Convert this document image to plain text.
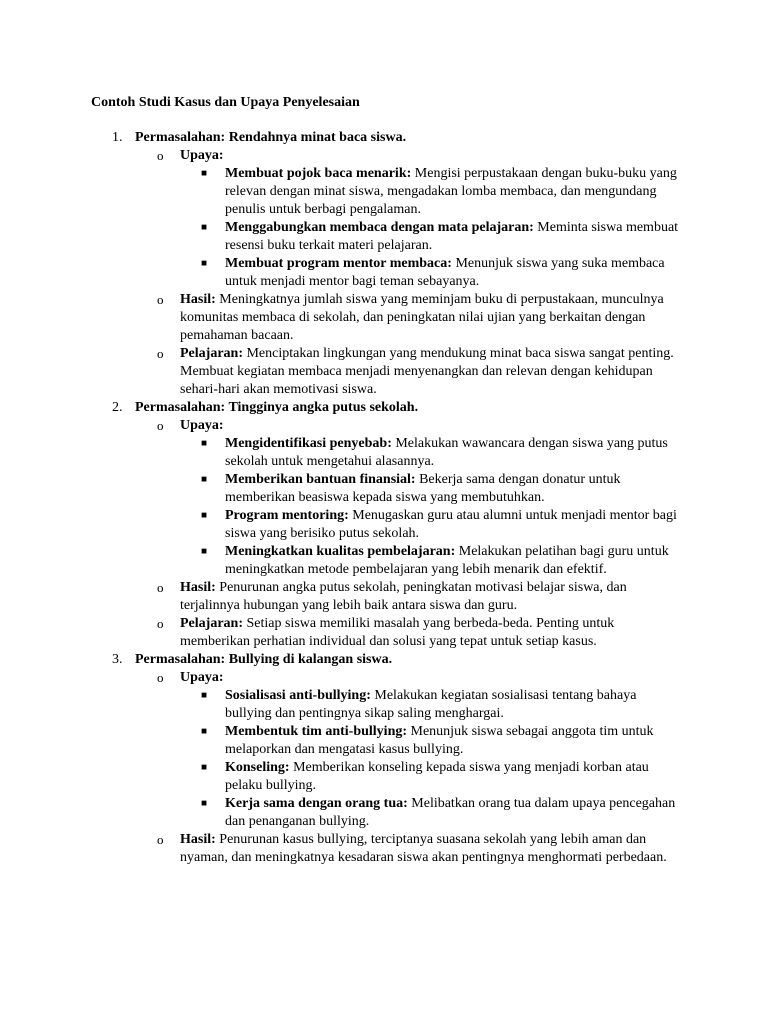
Contoh Studi Kasus dan Upaya Penyelesaian

1. Permasalahan: Rendahnya minat baca siswa.
o Upaya:
■ Membuat pojok baca menarik: Mengisi perpustakaan dengan buku-buku yang relevan dengan minat siswa, mengadakan lomba membaca, dan mengundang penulis untuk berbagi pengalaman.
■ Menggabungkan membaca dengan mata pelajaran: Meminta siswa membuat resensi buku terkait materi pelajaran.
■ Membuat program mentor membaca: Menunjuk siswa yang suka membaca untuk menjadi mentor bagi teman sebayanya.
o Hasil: Meningkatnya jumlah siswa yang meminjam buku di perpustakaan, munculnya komunitas membaca di sekolah, dan peningkatan nilai ujian yang berkaitan dengan pemahaman bacaan.
o Pelajaran: Menciptakan lingkungan yang mendukung minat baca siswa sangat penting. Membuat kegiatan membaca menjadi menyenangkan dan relevan dengan kehidupan sehari-hari akan memotivasi siswa.
2. Permasalahan: Tingginya angka putus sekolah.
o Upaya:
■ Mengidentifikasi penyebab: Melakukan wawancara dengan siswa yang putus sekolah untuk mengetahui alasannya.
■ Memberikan bantuan finansial: Bekerja sama dengan donatur untuk memberikan beasiswa kepada siswa yang membutuhkan.
■ Program mentoring: Menugaskan guru atau alumni untuk menjadi mentor bagi siswa yang berisiko putus sekolah.
■ Meningkatkan kualitas pembelajaran: Melakukan pelatihan bagi guru untuk meningkatkan metode pembelajaran yang lebih menarik dan efektif.
o Hasil: Penurunan angka putus sekolah, peningkatan motivasi belajar siswa, dan terjalinnya hubungan yang lebih baik antara siswa dan guru.
o Pelajaran: Setiap siswa memiliki masalah yang berbeda-beda. Penting untuk memberikan perhatian individual dan solusi yang tepat untuk setiap kasus.
3. Permasalahan: Bullying di kalangan siswa.
o Upaya:
■ Sosialisasi anti-bullying: Melakukan kegiatan sosialisasi tentang bahaya bullying dan pentingnya sikap saling menghargai.
■ Membentuk tim anti-bullying: Menunjuk siswa sebagai anggota tim untuk melaporkan dan mengatasi kasus bullying.
■ Konseling: Memberikan konseling kepada siswa yang menjadi korban atau pelaku bullying.
■ Kerja sama dengan orang tua: Melibatkan orang tua dalam upaya pencegahan dan penanganan bullying.
o Hasil: Penurunan kasus bullying, terciptanya suasana sekolah yang lebih aman dan nyaman, dan meningkatnya kesadaran siswa akan pentingnya menghormati perbedaan.
